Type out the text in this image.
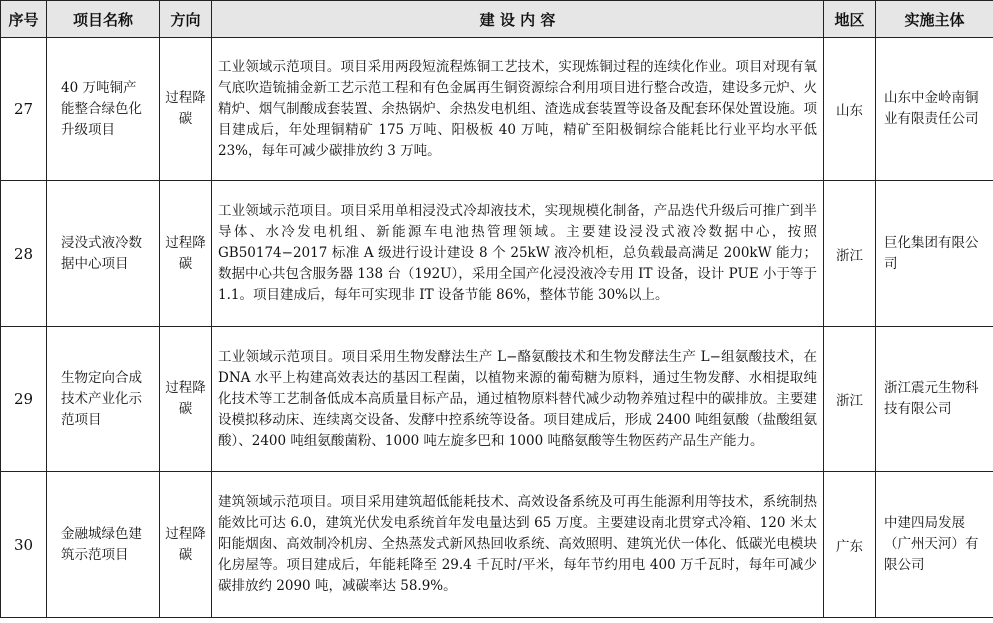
序号	项目名称	方向	建 设 内 容	地区	实施主体
27	40 万吨铜产能整合绿色化升级项目	过程降碳	工业领域示范项目。项目采用两段短流程炼铜工艺技术，实现炼铜过程的连续化作业。项目对现有氧气底吹造锍捕金新工艺示范工程和有色金属再生铜资源综合利用项目进行整合改造，建设多元炉、火精炉、烟气制酸成套装置、余热锅炉、余热发电机组、渣选成套装置等设备及配套环保处置设施。项目建成后，年处理铜精矿 175 万吨、阳极板 40 万吨，精矿至阳极铜综合能耗比行业平均水平低 23%，每年可减少碳排放约 3 万吨。	山东	山东中金岭南铜业有限责任公司
28	浸没式液冷数据中心项目	过程降碳	工业领域示范项目。项目采用单相浸没式冷却液技术，实现规模化制备，产品迭代升级后可推广到半导体、水冷发电机组、新能源车电池热管理领域。主要建设浸没式液冷数据中心，按照 GB50174−2017 标准 A 级进行设计建设 8 个 25kW 液冷机柜，总负载最高满足 200kW 能力；数据中心共包含服务器 138 台（192U），采用全国产化浸没液冷专用 IT 设备，设计 PUE 小于等于 1.1。项目建成后，每年可实现非 IT 设备节能 86%，整体节能 30%以上。	浙江	巨化集团有限公司
29	生物定向合成技术产业化示范项目	过程降碳	工业领域示范项目。项目采用生物发酵法生产 L−酪氨酸技术和生物发酵法生产 L−组氨酸技术，在 DNA 水平上构建高效表达的基因工程菌，以植物来源的葡萄糖为原料，通过生物发酵、水相提取纯化技术等工艺制备低成本高质量目标产品，通过植物原料替代减少动物养殖过程中的碳排放。主要建设模拟移动床、连续离交设备、发酵中控系统等设备。项目建成后，形成 2400 吨组氨酸（盐酸组氨酸）、2400 吨组氨酸菌粉、1000 吨左旋多巴和 1000 吨酪氨酸等生物医药产品生产能力。	浙江	浙江震元生物科技有限公司
30	金融城绿色建筑示范项目	过程降碳	建筑领域示范项目。项目采用建筑超低能耗技术、高效设备系统及可再生能源利用等技术，系统制热能效比可达 6.0，建筑光伏发电系统首年发电量达到 65 万度。主要建设南北贯穿式冷箱、120 米太阳能烟囱、高效制冷机房、全热蒸发式新风热回收系统、高效照明、建筑光伏一体化、低碳光电模块化房屋等。项目建成后，年能耗降至 29.4 千瓦时/平米，每年节约用电 400 万千瓦时，每年可减少碳排放约 2090 吨，减碳率达 58.9%。	广东	中建四局发展（广州天河）有限公司
